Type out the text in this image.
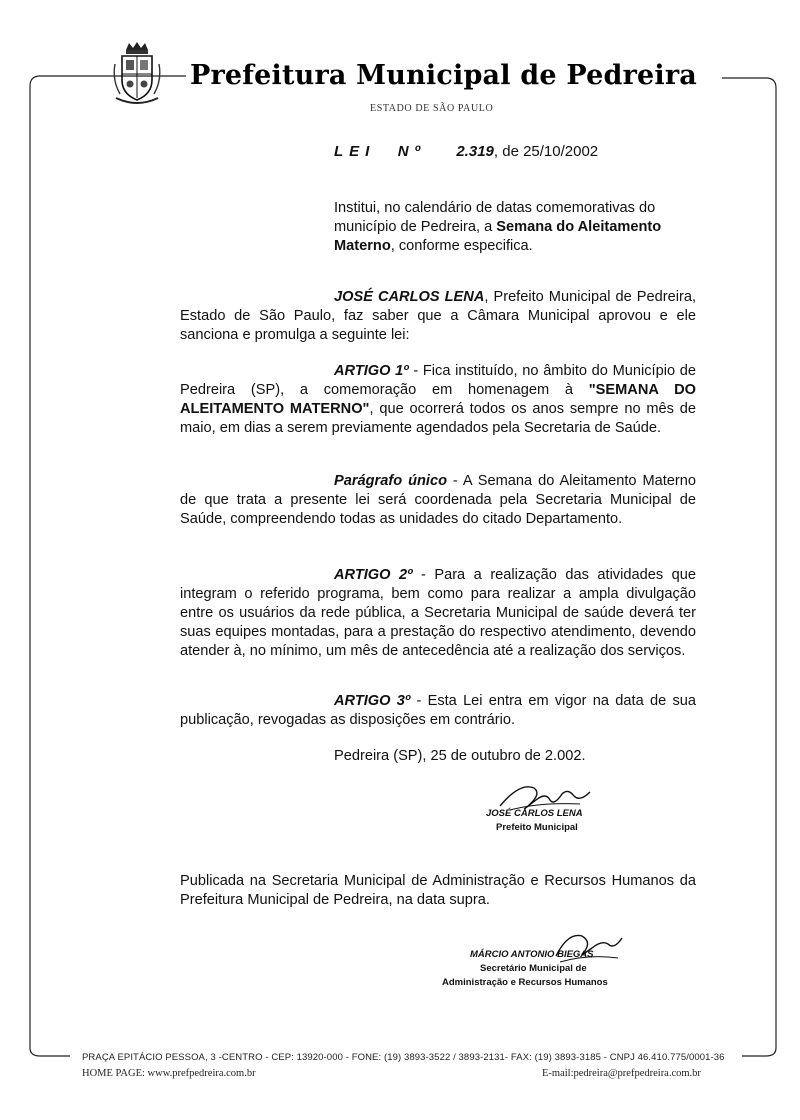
Prefeitura Municipal de Pedreira
ESTADO DE SÃO PAULO
LEI Nº 2.319, de 25/10/2002
Institui, no calendário de datas comemorativas do município de Pedreira, a Semana do Aleitamento Materno, conforme especifica.
JOSÉ CARLOS LENA, Prefeito Municipal de Pedreira, Estado de São Paulo, faz saber que a Câmara Municipal aprovou e ele sanciona e promulga a seguinte lei:
ARTIGO 1º - Fica instituído, no âmbito do Município de Pedreira (SP), a comemoração em homenagem à "SEMANA DO ALEITAMENTO MATERNO", que ocorrerá todos os anos sempre no mês de maio, em dias a serem previamente agendados pela Secretaria de Saúde.
Parágrafo único - A Semana do Aleitamento Materno de que trata a presente lei será coordenada pela Secretaria Municipal de Saúde, compreendendo todas as unidades do citado Departamento.
ARTIGO 2º - Para a realização das atividades que integram o referido programa, bem como para realizar a ampla divulgação entre os usuários da rede pública, a Secretaria Municipal de saúde deverá ter suas equipes montadas, para a prestação do respectivo atendimento, devendo atender à, no mínimo, um mês de antecedência até a realização dos serviços.
ARTIGO 3º - Esta Lei entra em vigor na data de sua publicação, revogadas as disposições em contrário.
Pedreira (SP), 25 de outubro de 2.002.
JOSÉ CARLOS LENA
Prefeito Municipal
Publicada na Secretaria Municipal de Administração e Recursos Humanos da Prefeitura Municipal de Pedreira, na data supra.
MÁRCIO ANTONIO BIEGAS
Secretário Municipal de
Administração e Recursos Humanos
PRAÇA EPITÁCIO PESSOA, 3 -CENTRO - CEP: 13920-000 - FONE: (19) 3893-3522 / 3893-2131- FAX: (19) 3893-3185 - CNPJ 46.410.775/0001-36
HOME PAGE: www.prefpedreira.com.br	E-mail:pedreira@prefpedreira.com.br
